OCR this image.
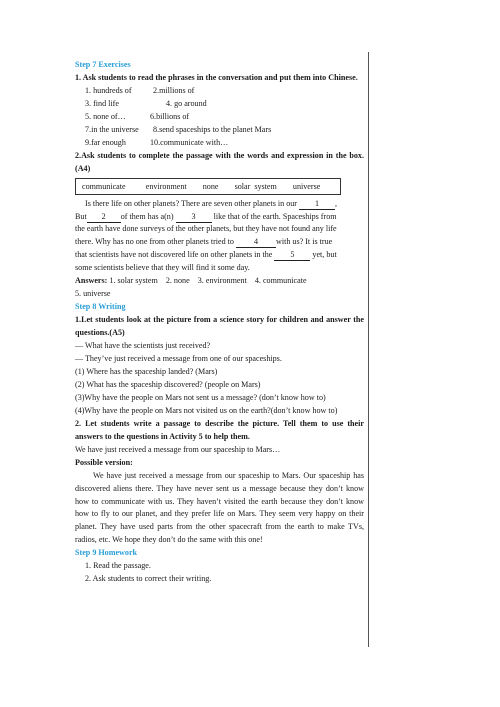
Step 7 Exercises
1. Ask students to read the phrases in the conversation and put them into Chinese.
1. hundreds of	2.millions of
3. find life	4. go around
5. none of…	6.billions of
7.in the universe 8.send spaceships to the planet Mars
9.far enough	10.communicate with…
2.Ask students to complete the passage with the words and expression in the box.(A4)
communicate environment none solar system universe
Is there life on other planets? There are seven other planets in our 1 ,
But 2 of them has a(n) 3 like that of the earth. Spaceships from
the earth have done surveys of the other planets, but they have not found any life
there. Why has no one from other planets tried to 4 with us? It is true
that scientists have not discovered life on other planets in the 5 yet, but
some scientists believe that they will find it some day.
Answers: 1. solar system    2. none    3. environment    4. communicate
5. universe
Step 8 Writing
1.Let students look at the picture from a science story for children and answer the questions.(A5)
— What have the scientists just received?
— They’ve just received a message from one of our spaceships.
(1) Where has the spaceship landed? (Mars)
(2) What has the spaceship discovered? (people on Mars)
(3)Why have the people on Mars not sent us a message? (don’t know how to)
(4)Why have the people on Mars not visited us on the earth?(don’t know how to)
2. Let students write a passage to describe the picture. Tell them to use their answers to the questions in Activity 5 to help them.
We have just received a message from our spaceship to Mars…
Possible version:
We have just received a message from our spaceship to Mars. Our spaceship has discovered aliens there. They have never sent us a message because they don’t know how to communicate with us. They haven’t visited the earth because they don’t know how to fly to our planet, and they prefer life on Mars. They seem very happy on their planet. They have used parts from the other spacecraft from the earth to make TVs, radios, etc. We hope they don’t do the same with this one!
Step 9 Homework
1. Read the passage.
2. Ask students to correct their writing.
